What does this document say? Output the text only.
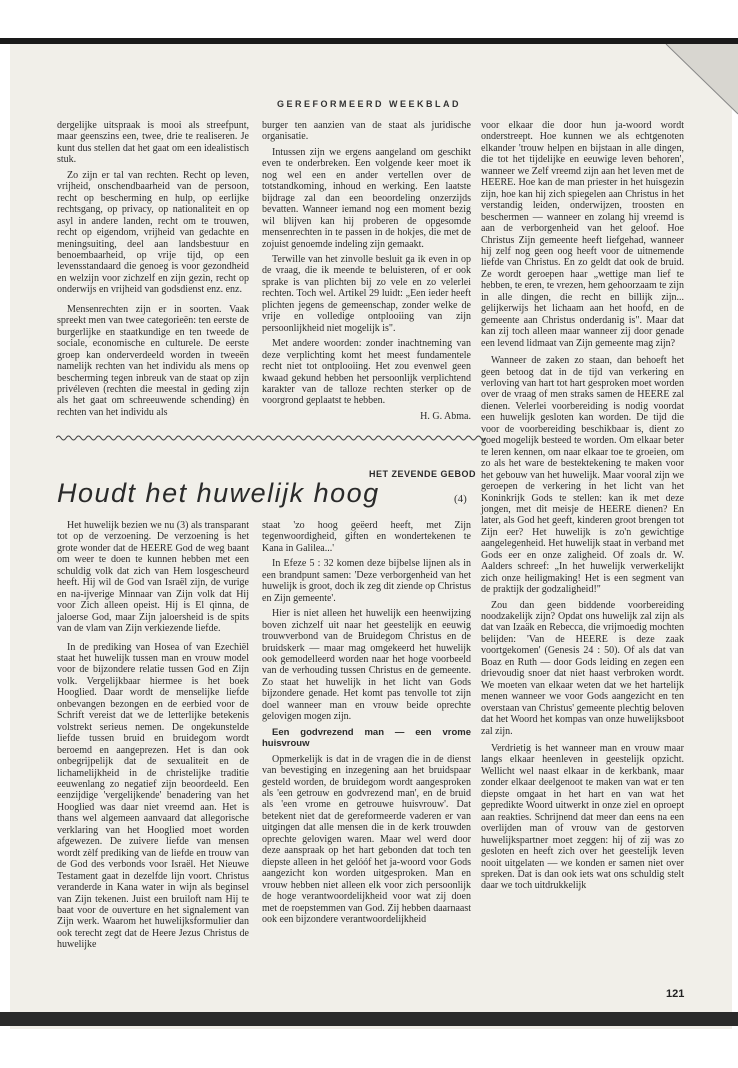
GEREFORMEERD WEEKBLAD

dergelijke uitspraak is mooi als streefpunt, maar geenszins een, twee, drie te realiseren. Je kunt dus stellen dat het gaat om een idealistisch stuk.

Zo zijn er tal van rechten. Recht op leven, vrijheid, onschendbaarheid van de persoon, recht op bescherming en hulp, op eerlijke rechtsgang, op privacy, op nationaliteit en op asyl in andere landen, recht om te trouwen, recht op eigendom, vrijheid van gedachte en meningsuiting, deel aan landsbestuur en benoembaarheid, op vrije tijd, op een levensstandaard die genoeg is voor gezondheid en welzijn voor zichzelf en zijn gezin, recht op onderwijs en vrijheid van godsdienst enz. enz.

Mensenrechten zijn er in soorten. Vaak spreekt men van twee categorieën: ten eerste de burgerlijke en staatkundige en ten tweede de sociale, economische en culturele. De eerste groep kan onderverdeeld worden in tweeën namelijk rechten van het individu als mens op bescherming tegen inbreuk van de staat op zijn privéleven (rechten die meestal in geding zijn als het gaat om schreeuwende schending) èn rechten van het individu als

burger ten aanzien van de staat als juridische organisatie.

Intussen zijn we ergens aangeland om geschikt even te onderbreken. Een volgende keer moet ik nog wel een en ander vertellen over de totstandkoming, inhoud en werking. Een laatste bijdrage zal dan een beoordeling onzerzijds bevatten. Wanneer iemand nog een moment bezig wil blijven kan hij proberen de opgesomde mensenrechten in te passen in de hokjes, die met de zojuist genoemde indeling zijn gemaakt.

Terwille van het zinvolle besluit ga ik even in op de vraag, die ik meende te beluisteren, of er ook sprake is van plichten bij zo vele en zo velerlei rechten. Toch wel. Artikel 29 luidt: „Een ieder heeft plichten jegens de gemeenschap, zonder welke de vrije en volledige ontplooiing van zijn persoonlijkheid niet mogelijk is".

Met andere woorden: zonder inachtneming van deze verplichting komt het meest fundamentele recht niet tot ontplooiing. Het zou evenwel geen kwaad gekund hebben het persoonlijk verplichtend karakter van de talloze rechten sterker op de voorgrond geplaatst te hebben.

H. G. Abma.
HET ZEVENDE GEBOD
Houdt het huwelijk hoog	(4)

Het huwelijk bezien we nu (3) als transparant tot op de verzoening. De verzoening is het grote wonder dat de HEERE God de weg baant om weer te doen te kunnen hebben met een schuldig volk dat zich van Hem losgescheurd heeft. Hij wil de God van Israël zijn, de vurige en na-ijverige Minnaar van Zijn volk dat Hij voor Zich alleen opeist. Hij is El qinna, de jaloerse God, maar Zijn jaloersheid is de spits van de vlam van Zijn verkiezende liefde.

In de prediking van Hosea of van Ezechiël staat het huwelijk tussen man en vrouw model voor de bijzondere relatie tussen God en Zijn volk. Vergelijkbaar hiermee is het boek Hooglied. Daar wordt de menselijke liefde onbevangen bezongen en de eerbied voor de Schrift vereist dat we de letterlijke betekenis volstrekt serieus nemen. De ongekunstelde liefde tussen bruid en bruidegom wordt beroemd en aangeprezen. Het is dan ook onbegrijpelijk dat de sexualiteit en de lichamelijkheid in de christelijke traditie eeuwenlang zo negatief zijn beoordeeld. Een eenzijdige 'vergelijkende' benadering van het Hooglied was daar niet vreemd aan. Het is thans wel algemeen aanvaard dat allegorische verklaring van het Hooglied moet worden afgewezen. De zuivere liefde van mensen wordt zèlf prediking van de liefde en trouw van de God des verbonds voor Israël. Het Nieuwe Testament gaat in dezelfde lijn voort. Christus veranderde in Kana water in wijn als beginsel van Zijn tekenen. Juist een bruiloft nam Hij te baat voor de ouverture en het signalement van Zijn werk. Waarom het huwelijksformulier dan ook terecht zegt dat de Heere Jezus Christus de huwelijke

staat 'zo hoog geëerd heeft, met Zijn tegenwoordigheid, giften en wondertekenen te Kana in Galilea...'

In Efeze 5 : 32 komen deze bijbelse lijnen als in een brandpunt samen: 'Deze verborgenheid van het huwelijk is groot, doch ik zeg dit ziende op Christus en Zijn gemeente'.

Hier is niet alleen het huwelijk een heenwijzing boven zichzelf uit naar het geestelijk en eeuwig trouwverbond van de Bruidegom Christus en de bruidskerk — maar mag omgekeerd het huwelijk ook gemodelleerd worden naar het hoge voorbeeld van de verhouding tussen Christus en de gemeente. Zo staat het huwelijk in het licht van Gods bijzondere genade. Het komt pas tenvolle tot zijn doel wanneer man en vrouw beide oprechte gelovigen mogen zijn.

Een godvrezend man — een vrome huisvrouw

Opmerkelijk is dat in de vragen die in de dienst van bevestiging en inzegening aan het bruidspaar gesteld worden, de bruidegom wordt aangesproken als 'een getrouw en godvrezend man', en de bruid als 'een vrome en getrouwe huisvrouw'. Dat betekent niet dat de gereformeerde vaderen er van uitgingen dat alle mensen die in de kerk trouwden oprechte gelovigen waren. Maar wel werd door deze aanspraak op het hart gebonden dat toch ten diepste alleen in het gelóóf het ja-woord voor Gods aangezicht kon worden uitgesproken. Man en vrouw hebben niet alleen elk voor zich persoonlijk de hoge verantwoordelijkheid voor wat zij doen met de roepstemmen van God. Zij hebben daarnaast ook een bijzondere verantwoordelijkheid

voor elkaar die door hun ja-woord wordt onderstreept. Hoe kunnen we als echtgenoten elkander 'trouw helpen en bijstaan in alle dingen, die tot het tijdelijke en eeuwige leven behoren', wanneer we Zelf vreemd zijn aan het leven met de HEERE. Hoe kan de man priester in het huisgezin zijn, hoe kan hij zich spiegelen aan Christus in het verstandig leiden, onderwijzen, troosten en beschermen — wanneer en zolang hij vreemd is aan de verborgenheid van het geloof. Hoe Christus Zijn gemeente heeft liefgehad, wanneer hij zelf nog geen oog heeft voor de uitnemende liefde van Christus. En zo geldt dat ook de bruid. Ze wordt geroepen haar „wettige man lief te hebben, te eren, te vrezen, hem gehoorzaam te zijn in alle dingen, die recht en billijk zijn... gelijkerwijs het lichaam aan het hoofd, en de gemeente aan Christus onderdanig is". Maar dat kan zij toch alleen maar wanneer zij door genade een levend lidmaat van Zijn gemeente mag zijn?

Wanneer de zaken zo staan, dan behoeft het geen betoog dat in de tijd van verkering en verloving van hart tot hart gesproken moet worden over de vraag of men straks samen de HEERE zal dienen. Velerlei voorbereiding is nodig voordat een huwelijk gesloten kan worden. De tijd die voor de voorbereiding beschikbaar is, dient zo goed mogelijk besteed te worden. Om elkaar beter te leren kennen, om naar elkaar toe te groeien, om zo als het ware de bestektekening te maken voor het gebouw van het huwelijk. Maar vooral zijn we geroepen de verkering in het licht van het Koninkrijk Gods te stellen: kan ik met deze jongen, met dit meisje de HEERE dienen? En later, als God het geeft, kinderen groot brengen tot Zijn eer? Het huwelijk is zo'n gewichtige aangelegenheid. Het huwelijk staat in verband met Gods eer en onze zaligheid. Of zoals dr. W. Aalders schreef: „In het huwelijk verwerkelijkt zich onze heiligmaking! Het is een segment van de praktijk der godzaligheid!"

Zou dan geen biddende voorbereiding noodzakelijk zijn? Opdat ons huwelijk zal zijn als dat van Izaäk en Rebecca, die vrijmoedig mochten belijden: 'Van de HEERE is deze zaak voortgekomen' (Genesis 24 : 50). Of als dat van Boaz en Ruth — door Gods leiding en zegen een drievoudig snoer dat niet haast verbroken wordt. We moeten van elkaar weten dat we het hartelijk menen wanneer we voor Gods aangezicht en ten overstaan van Christus' gemeente plechtig beloven dat het Woord het kompas van onze huwelijksboot zal zijn.

Verdrietig is het wanneer man en vrouw maar langs elkaar heenleven in geestelijk opzicht. Wellicht wel naast elkaar in de kerkbank, maar zonder elkaar deelgenoot te maken van wat er ten diepste omgaat in het hart en van wat het gepredikte Woord uitwerkt in onze ziel en oproept aan reakties. Schrijnend dat meer dan eens na een overlijden man of vrouw van de gestorven huwelijkspartner moet zeggen: hij of zij was zo gesloten en heeft zich over het geestelijk leven nooit uitgelaten — we konden er samen niet over spreken. Dat is dan ook iets wat ons schuldig stelt daar we toch uitdrukkelijk

121
